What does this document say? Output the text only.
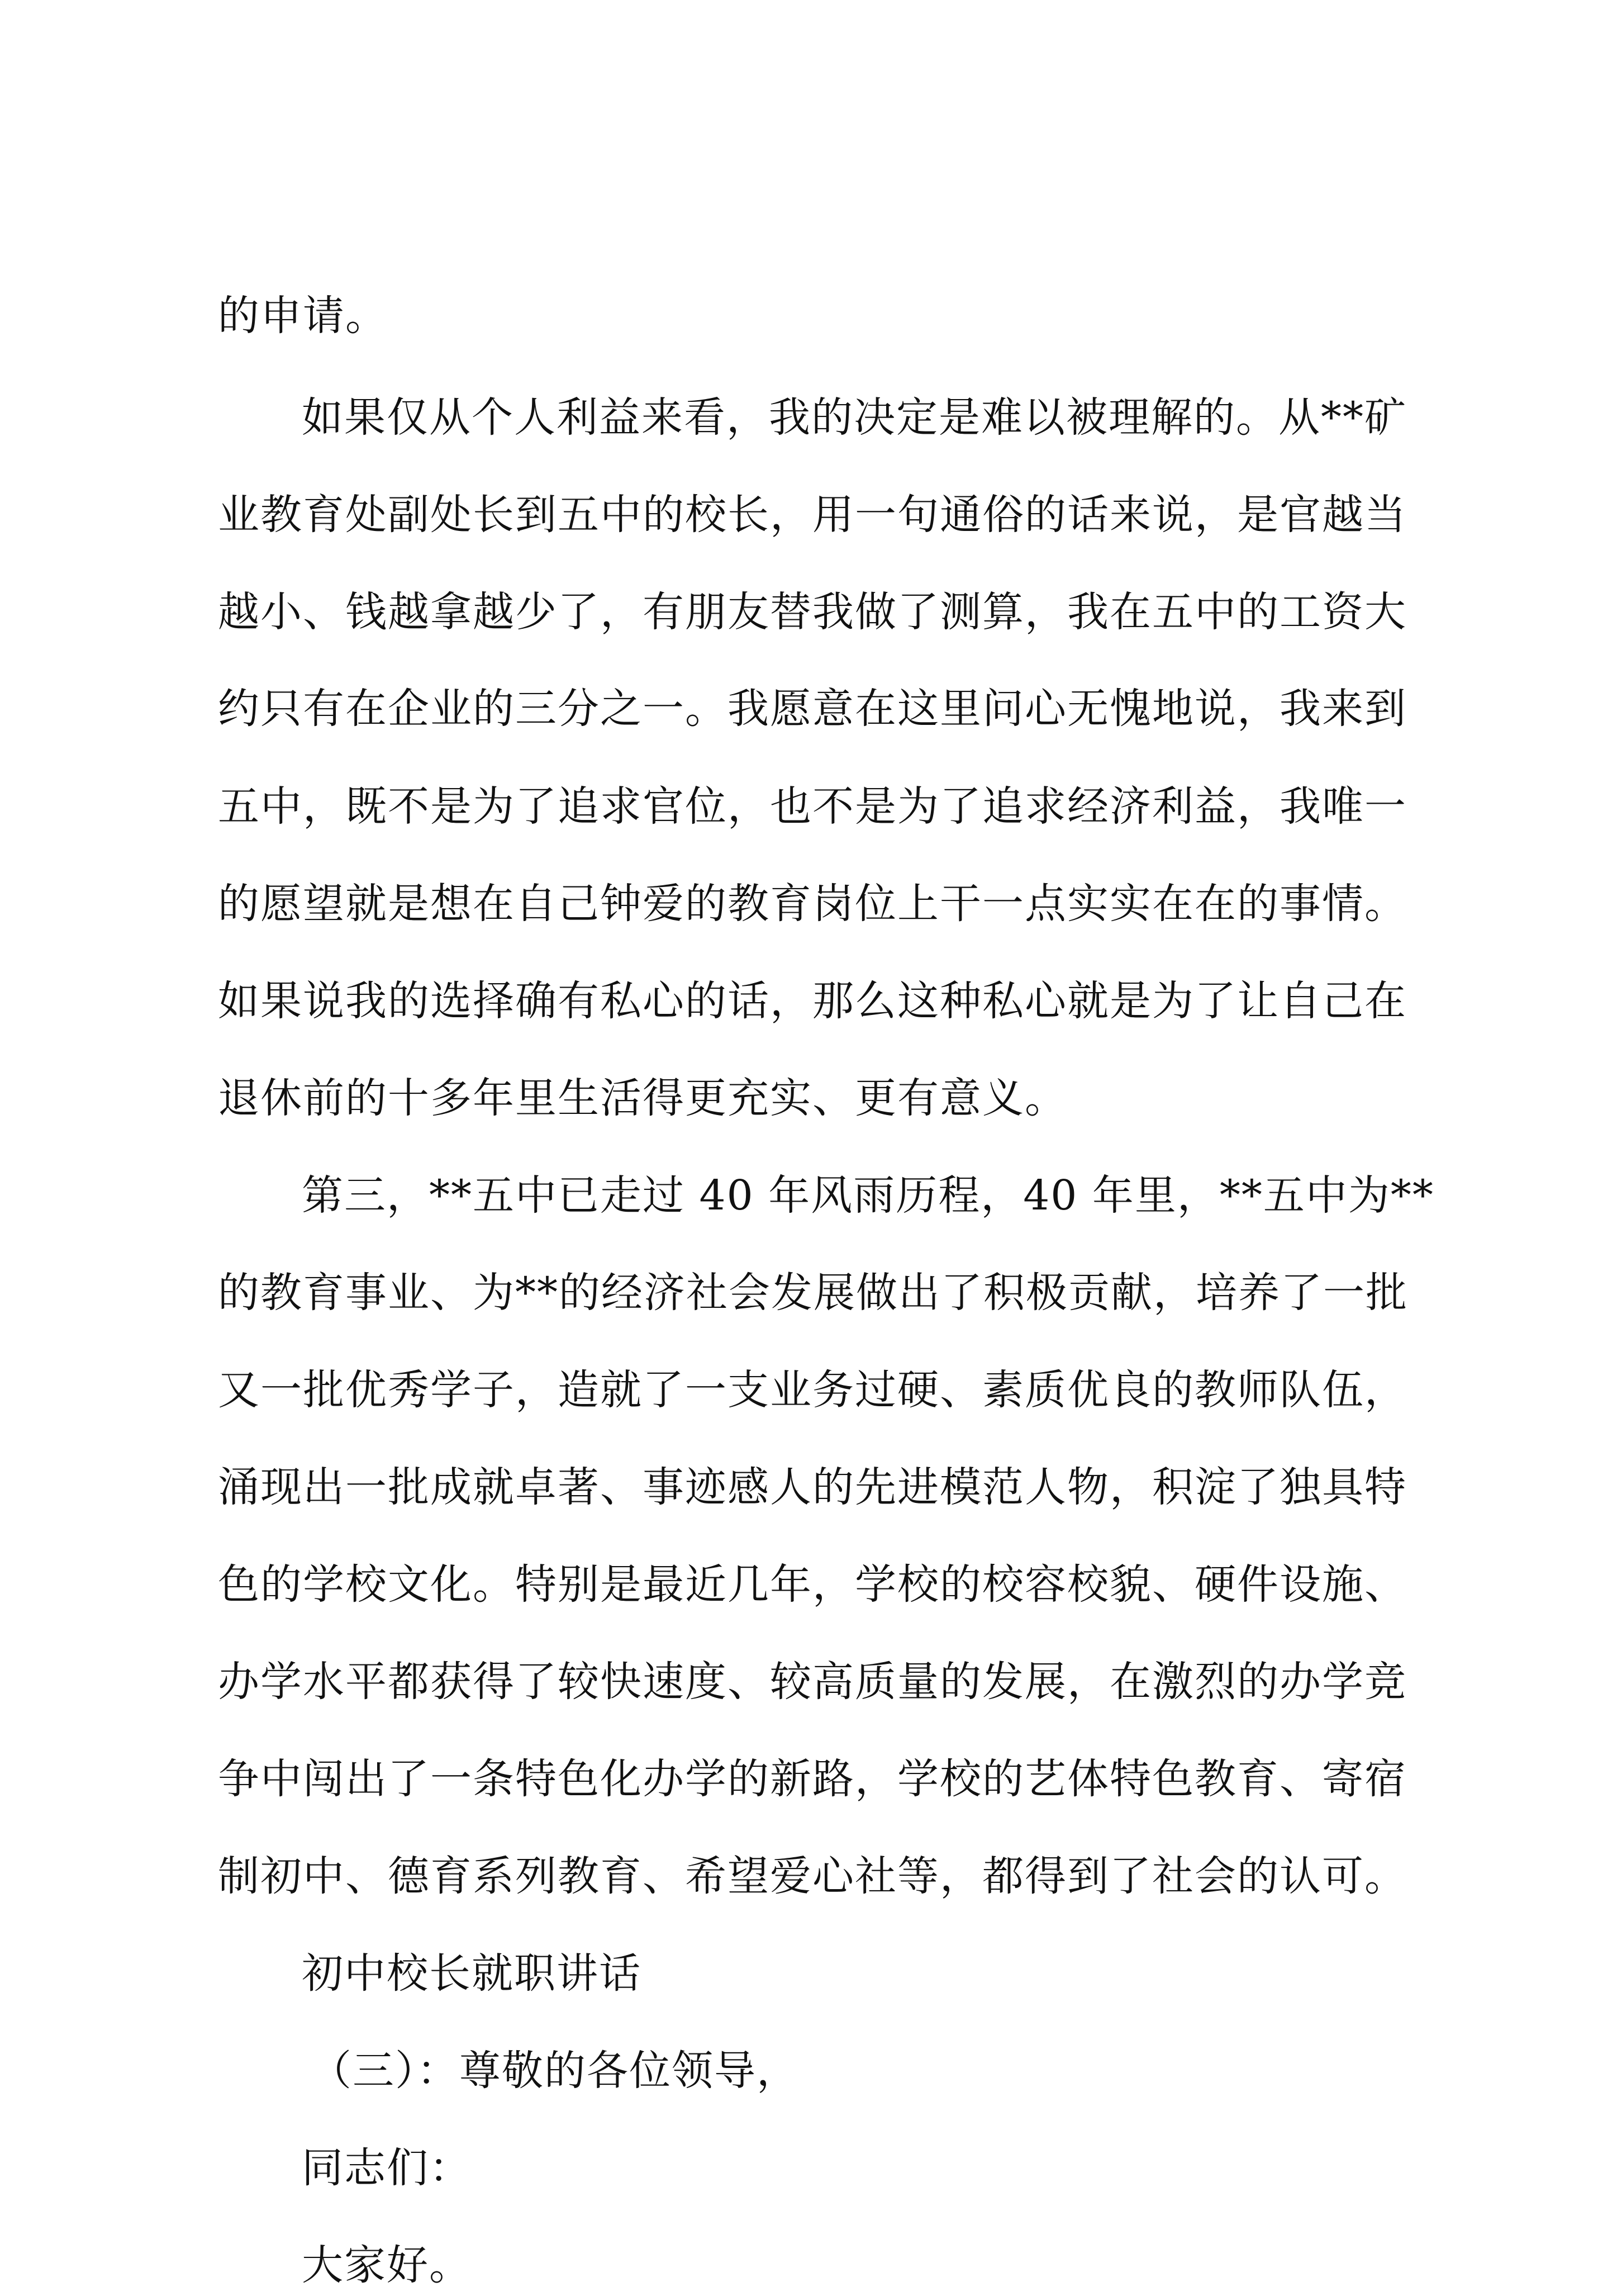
的申请。
如果仅从个人利益来看，我的决定是难以被理解的。从**矿
业教育处副处长到五中的校长，用一句通俗的话来说，是官越当
越小、钱越拿越少了，有朋友替我做了测算，我在五中的工资大
约只有在企业的三分之一。我愿意在这里问心无愧地说，我来到
五中，既不是为了追求官位，也不是为了追求经济利益，我唯一
的愿望就是想在自己钟爱的教育岗位上干一点实实在在的事情。
如果说我的选择确有私心的话，那么这种私心就是为了让自己在
退休前的十多年里生活得更充实、更有意义。
第三，**五中已走过 40 年风雨历程，40 年里，**五中为**
的教育事业、为**的经济社会发展做出了积极贡献，培养了一批
又一批优秀学子，造就了一支业务过硬、素质优良的教师队伍，
涌现出一批成就卓著、事迹感人的先进模范人物，积淀了独具特
色的学校文化。特别是最近几年，学校的校容校貌、硬件设施、
办学水平都获得了较快速度、较高质量的发展，在激烈的办学竞
争中闯出了一条特色化办学的新路，学校的艺体特色教育、寄宿
制初中、德育系列教育、希望爱心社等，都得到了社会的认可。
初中校长就职讲话
（三）：尊敬的各位领导，
同志们：
大家好。
